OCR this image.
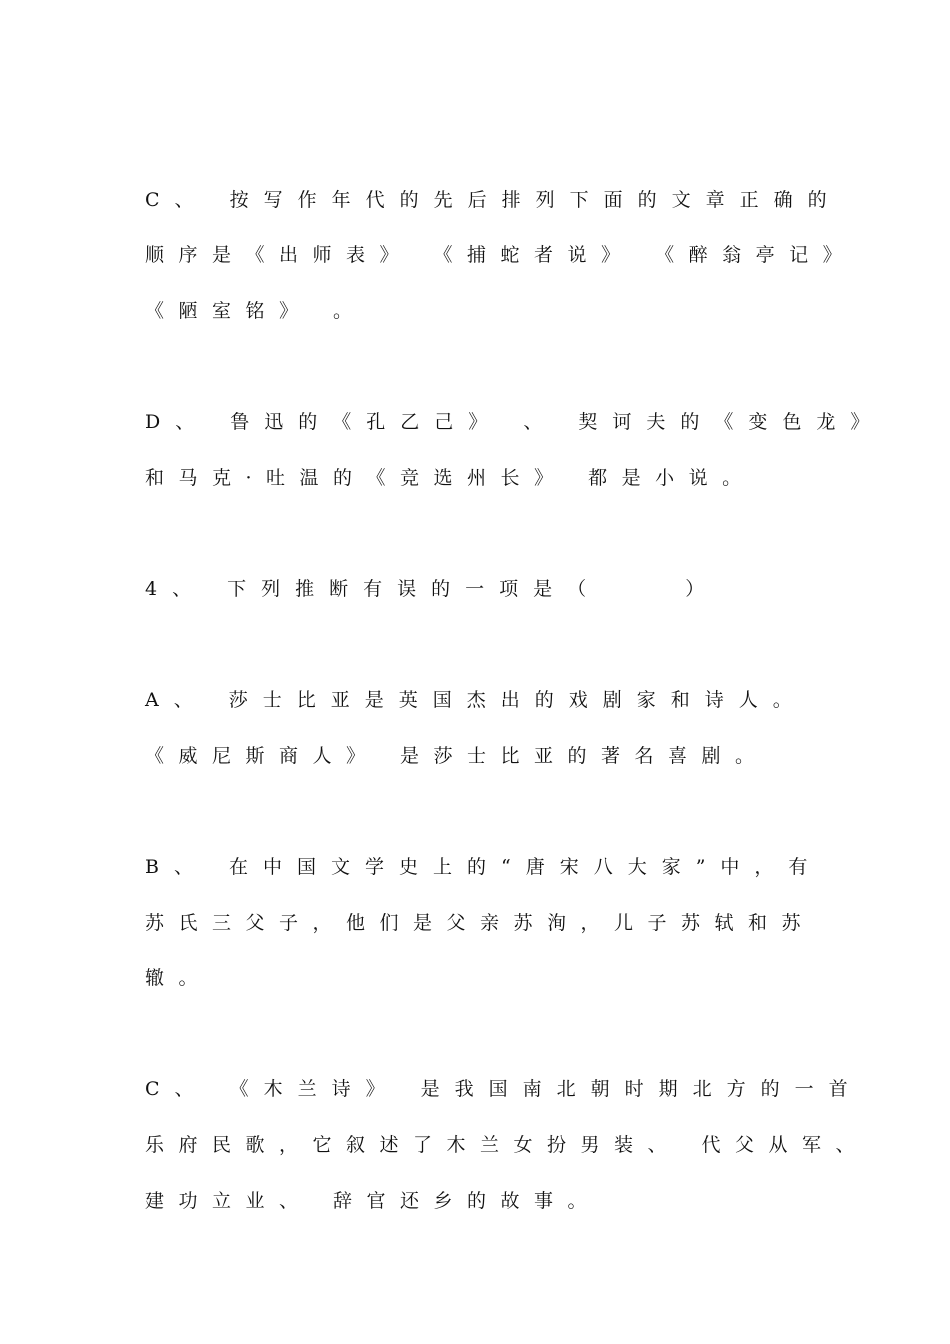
C、 按写作年代的先后排列下面的文章正确的
顺序是《出师表》 《捕蛇者说》 《醉翁亭记》
《陋室铭》 。
D、 鲁迅的《孔乙己》 、 契诃夫的《变色龙》
和马克·吐温的《竞选州长》 都是小说。
4、 下列推断有误的一项是（    ）
A、 莎士比亚是英国杰出的戏剧家和诗人。
《威尼斯商人》 是莎士比亚的著名喜剧。
B、 在中国文学史上的“唐宋八大家”中，有
苏氏三父子，他们是父亲苏洵，儿子苏轼和苏
辙。
C、 《木兰诗》 是我国南北朝时期北方的一首
乐府民歌，它叙述了木兰女扮男装、 代父从军、
建功立业、 辞官还乡的故事。
